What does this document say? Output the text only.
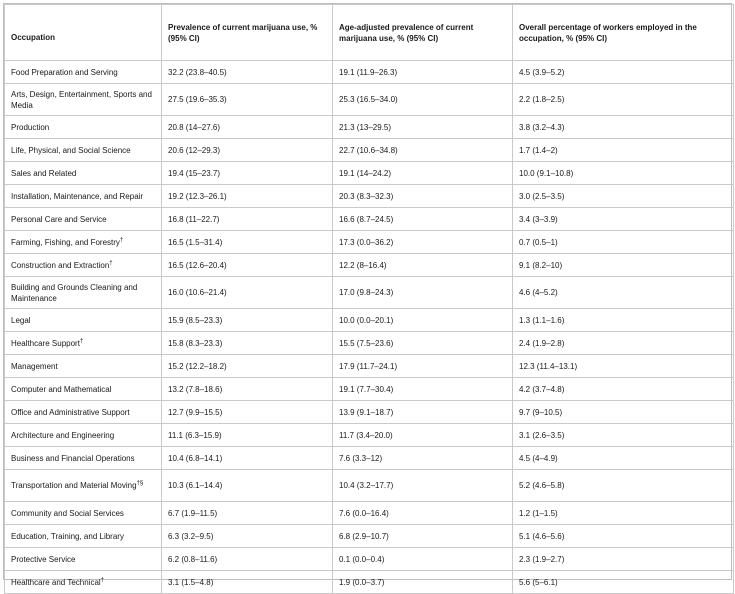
Occupation	Prevalence of current marijuana use, % (95% CI)	Age-adjusted prevalence of current marijuana use, % (95% CI)	Overall percentage of workers employed in the occupation, % (95% CI)
Food Preparation and Serving	32.2 (23.8–40.5)	19.1 (11.9–26.3)	4.5 (3.9–5.2)
Arts, Design, Entertainment, Sports and Media	27.5 (19.6–35.3)	25.3 (16.5–34.0)	2.2 (1.8–2.5)
Production	20.8 (14–27.6)	21.3 (13–29.5)	3.8 (3.2–4.3)
Life, Physical, and Social Science	20.6 (12–29.3)	22.7 (10.6–34.8)	1.7 (1.4–2)
Sales and Related	19.4 (15–23.7)	19.1 (14–24.2)	10.0 (9.1–10.8)
Installation, Maintenance, and Repair	19.2 (12.3–26.1)	20.3 (8.3–32.3)	3.0 (2.5–3.5)
Personal Care and Service	16.8 (11–22.7)	16.6 (8.7–24.5)	3.4 (3–3.9)
Farming, Fishing, and Forestry†	16.5 (1.5–31.4)	17.3 (0.0–36.2)	0.7 (0.5–1)
Construction and Extraction†	16.5 (12.6–20.4)	12.2 (8–16.4)	9.1 (8.2–10)
Building and Grounds Cleaning and Maintenance	16.0 (10.6–21.4)	17.0 (9.8–24.3)	4.6 (4–5.2)
Legal	15.9 (8.5–23.3)	10.0 (0.0–20.1)	1.3 (1.1–1.6)
Healthcare Support†	15.8 (8.3–23.3)	15.5 (7.5–23.6)	2.4 (1.9–2.8)
Management	15.2 (12.2–18.2)	17.9 (11.7–24.1)	12.3 (11.4–13.1)
Computer and Mathematical	13.2 (7.8–18.6)	19.1 (7.7–30.4)	4.2 (3.7–4.8)
Office and Administrative Support	12.7 (9.9–15.5)	13.9 (9.1–18.7)	9.7 (9–10.5)
Architecture and Engineering	11.1 (6.3–15.9)	11.7 (3.4–20.0)	3.1 (2.6–3.5)
Business and Financial Operations	10.4 (6.8–14.1)	7.6 (3.3–12)	4.5 (4–4.9)
Transportation and Material Moving†§	10.3 (6.1–14.4)	10.4 (3.2–17.7)	5.2 (4.6–5.8)
Community and Social Services	6.7 (1.9–11.5)	7.6 (0.0–16.4)	1.2 (1–1.5)
Education, Training, and Library	6.3 (3.2–9.5)	6.8 (2.9–10.7)	5.1 (4.6–5.6)
Protective Service	6.2 (0.8–11.6)	0.1 (0.0–0.4)	2.3 (1.9–2.7)
Healthcare and Technical†	3.1 (1.5–4.8)	1.9 (0.0–3.7)	5.6 (5–6.1)
